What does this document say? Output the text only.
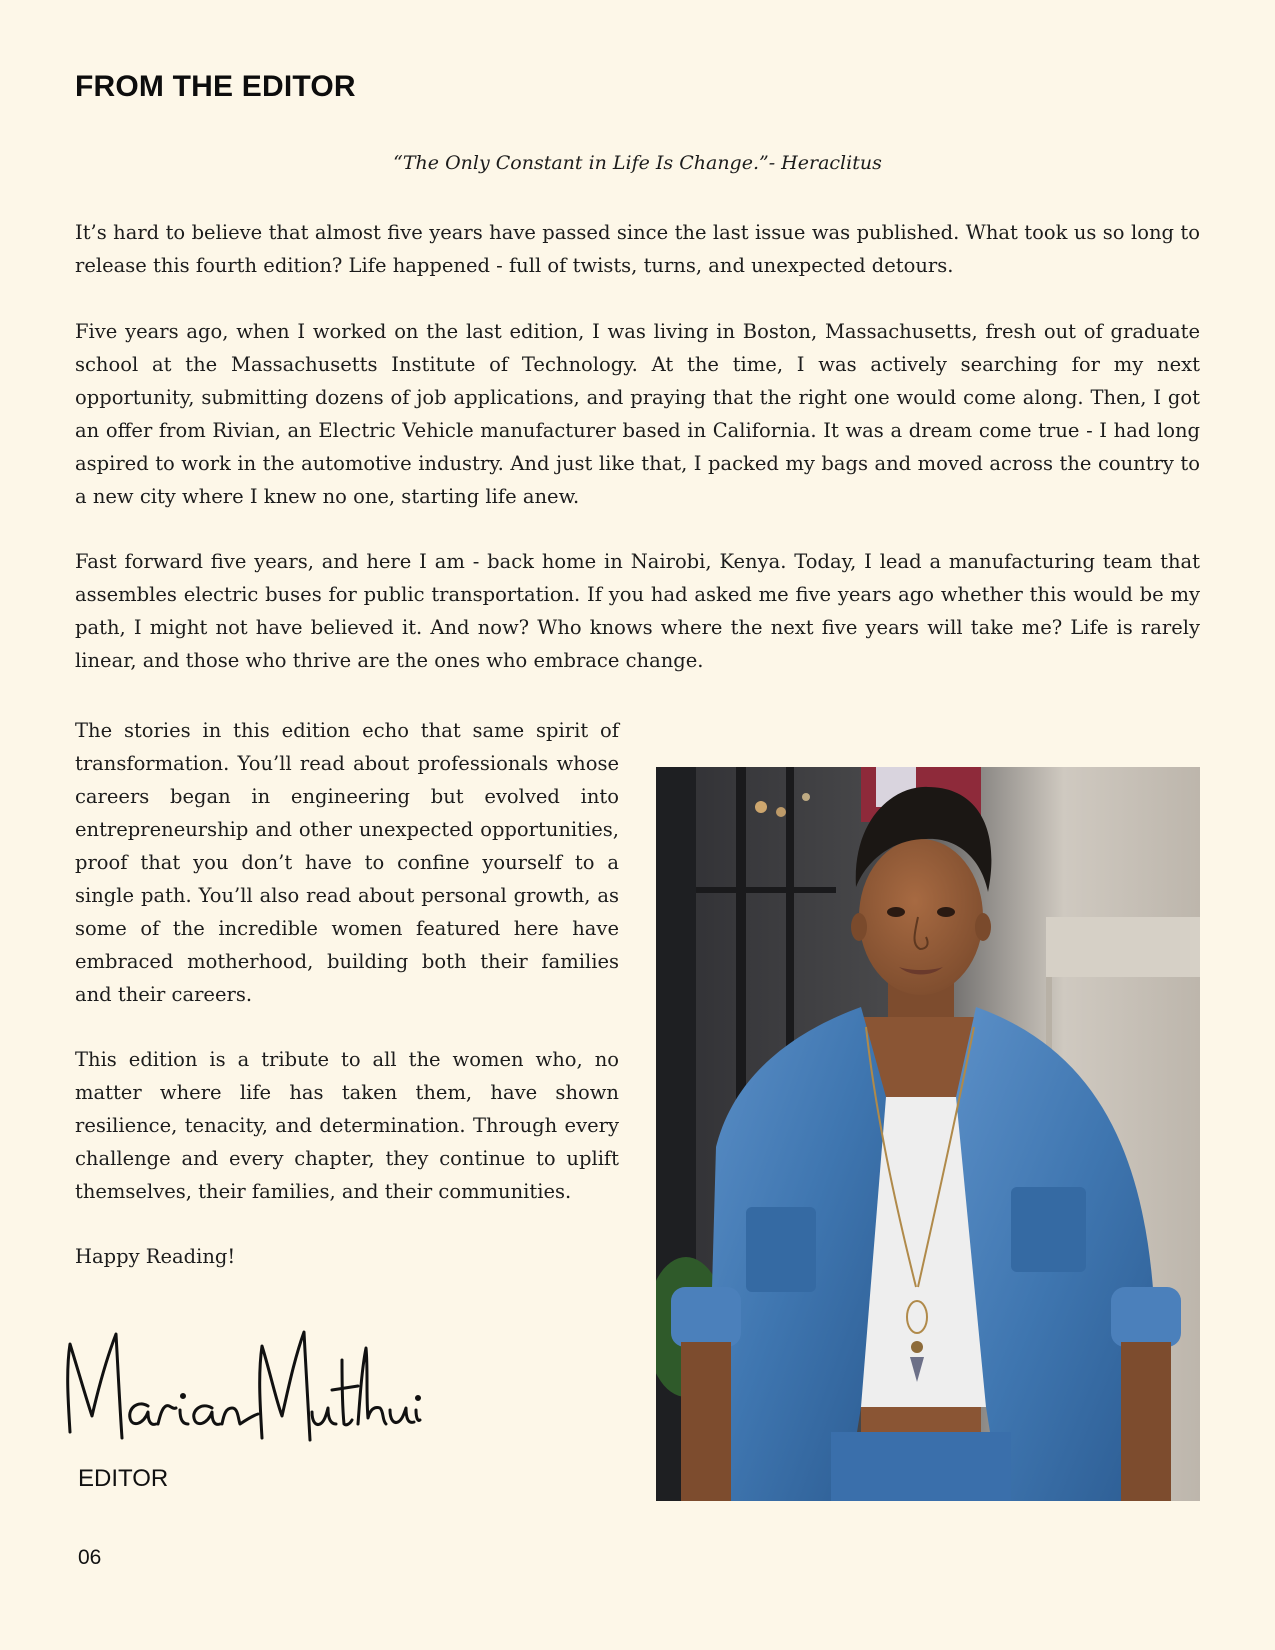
FROM THE EDITOR
“The Only Constant in Life Is Change.”- Heraclitus

It’s hard to believe that almost five years have passed since the last issue was published. What took us so long to release this fourth edition? Life happened - full of twists, turns, and unexpected detours.

Five years ago, when I worked on the last edition, I was living in Boston, Massachusetts, fresh out of graduate school at the Massachusetts Institute of Technology. At the time, I was actively searching for my next opportunity, submitting dozens of job applications, and praying that the right one would come along. Then, I got an offer from Rivian, an Electric Vehicle manufacturer based in California. It was a dream come true - I had long aspired to work in the automotive industry. And just like that, I packed my bags and moved across the country to a new city where I knew no one, starting life anew.

Fast forward five years, and here I am - back home in Nairobi, Kenya. Today, I lead a manufacturing team that assembles electric buses for public transportation. If you had asked me five years ago whether this would be my path, I might not have believed it. And now? Who knows where the next five years will take me? Life is rarely linear, and those who thrive are the ones who embrace change.

The stories in this edition echo that same spirit of transformation. You’ll read about professionals whose careers began in engineering but evolved into entrepreneurship and other unexpected opportunities, proof that you don’t have to confine yourself to a single path. You’ll also read about personal growth, as some of the incredible women featured here have embraced motherhood, building both their families and their careers.

This edition is a tribute to all the women who, no matter where life has taken them, have shown resilience, tenacity, and determination. Through every challenge and every chapter, they continue to uplift themselves, their families, and their communities.

Happy Reading!

EDITOR
06
